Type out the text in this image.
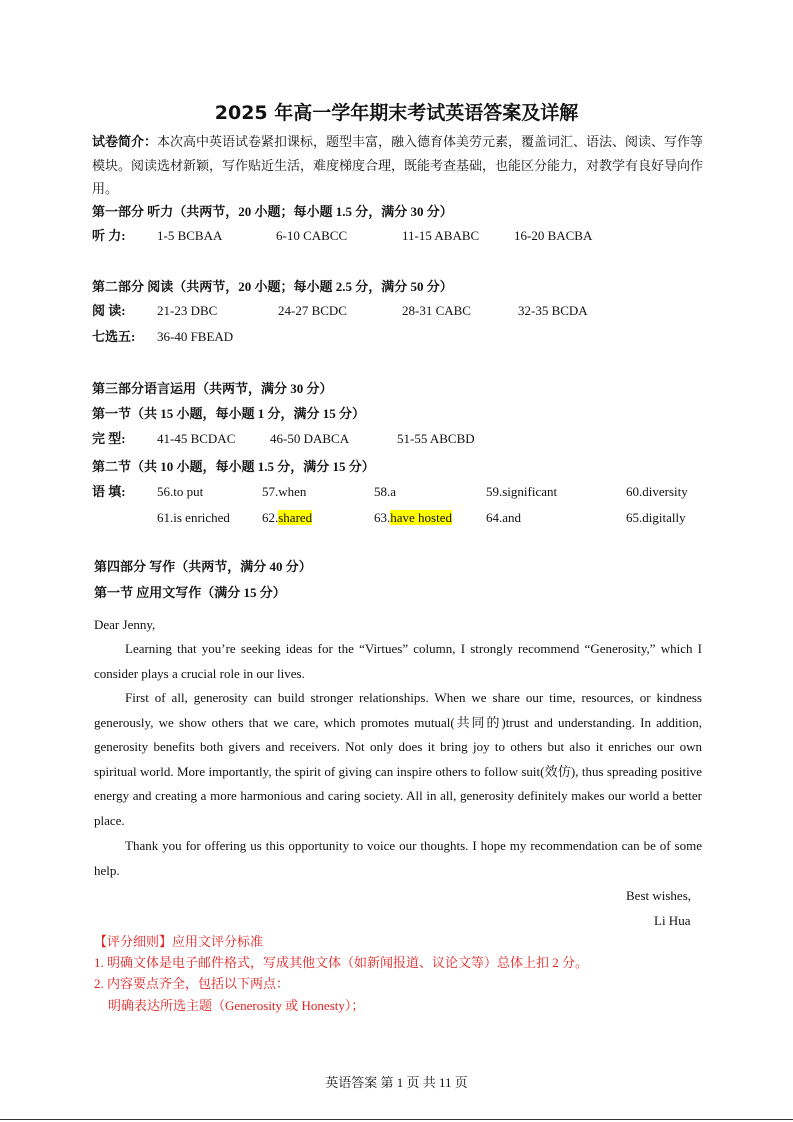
2025 年高一学年期末考试英语答案及详解
试卷简介：本次高中英语试卷紧扣课标，题型丰富，融入德育体美劳元素，覆盖词汇、语法、阅读、写作等模块。阅读选材新颖，写作贴近生活，难度梯度合理，既能考查基础，也能区分能力，对教学有良好导向作用。
第一部分 听力（共两节，20 小题；每小题 1.5 分，满分 30 分）
听 力: 1-5 BCBAA	6-10 CABCC	11-15 ABABC	16-20 BACBA
第二部分 阅读（共两节，20 小题；每小题 2.5 分，满分 50 分）
阅 读: 21-23 DBC	24-27 BCDC	28-31 CABC	32-35 BCDA
七选五: 36-40 FBEAD
第三部分语言运用（共两节，满分 30 分）
第一节（共 15 小题，每小题 1 分，满分 15 分）
完 型: 41-45 BCDAC	46-50 DABCA	51-55 ABCBD
第二节（共 10 小题，每小题 1.5 分，满分 15 分）
语 填: 56.to put	57.when	58.a	59.significant	60.diversity
61.is enriched 62.shared	63.have hosted	64.and	65.digitally
第四部分 写作（共两节，满分 40 分）
第一节 应用文写作（满分 15 分）
Dear Jenny,
Learning that you’re seeking ideas for the “Virtues” column, I strongly recommend “Generosity,” which I consider plays a crucial role in our lives.
First of all, generosity can build stronger relationships. When we share our time, resources, or kindness generously, we show others that we care, which promotes mutual(共同的)trust and understanding. In addition, generosity benefits both givers and receivers. Not only does it bring joy to others but also it enriches our own spiritual world. More importantly, the spirit of giving can inspire others to follow suit(效仿), thus spreading positive energy and creating a more harmonious and caring society. All in all, generosity definitely makes our world a better place.
Thank you for offering us this opportunity to voice our thoughts. I hope my recommendation can be of some help.
Best wishes,
Li Hua
【评分细则】应用文评分标准
1. 明确文体是电子邮件格式，写成其他文体（如新闻报道、议论文等）总体上扣 2 分。
2. 内容要点齐全，包括以下两点：
明确表达所选主题（Generosity 或 Honesty）；
英语答案 第 1 页 共 11 页
